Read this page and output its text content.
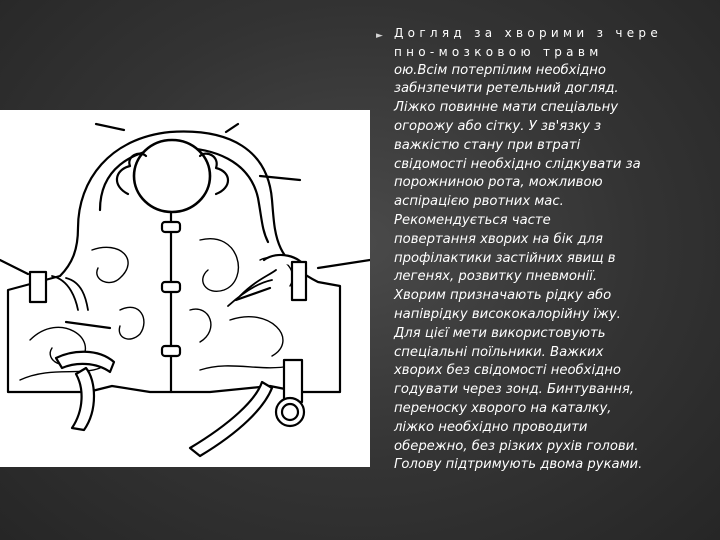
► Догляд за хворими з чере
пно-мозковою травм
ою.Всім потерпілим необхідно
забнзпечити ретельний догляд.
Ліжко повинне мати спеціальну
огорожу або сітку. У зв'язку з
важкістю стану при втраті
свідомості необхідно слідкувати за
порожниною рота, можливою
аспірацією рвотних мас.
Рекомендується часте
повертання хворих на бік для
профілактики застійних явищ в
легенях, розвитку пневмонії.
Хворим призначають рідку або
напіврідку висококалорійну їжу.
Для цієї мети використовують
спеціальні поїльники. Важких
хворих без свідомості необхідно
годувати через зонд. Бинтування,
переноску хворого на каталку,
ліжко необхідно проводити
обережно, без різких рухів голови.
Голову підтримують двома руками.
